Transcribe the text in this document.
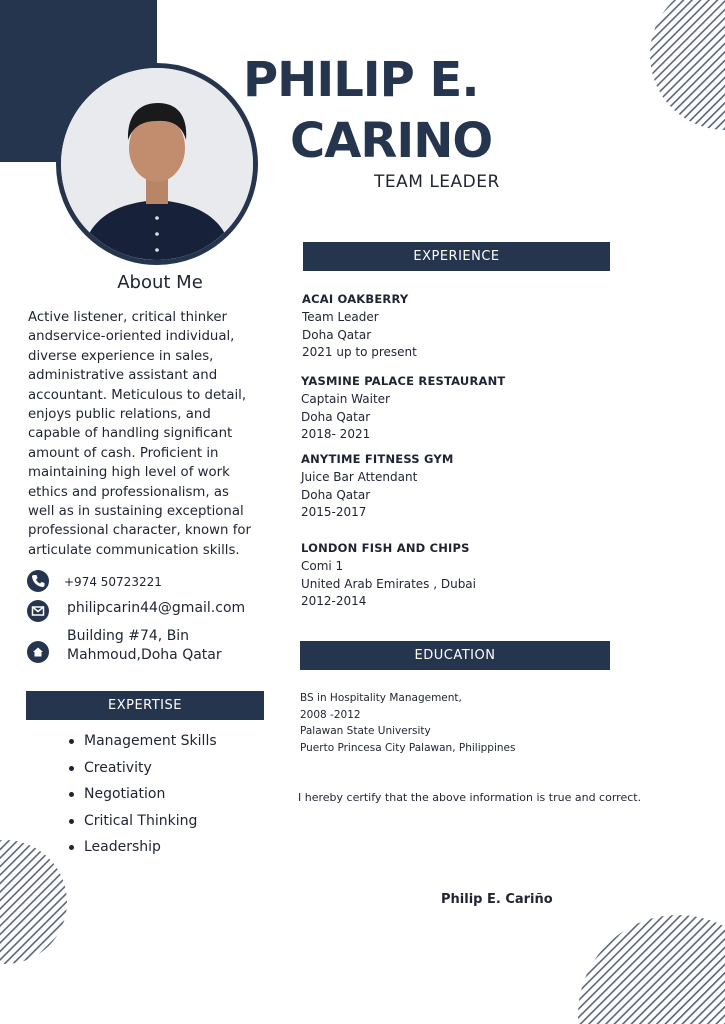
PHILIP E.
CARINO
TEAM LEADER
About Me
Active listener, critical thinker
andservice-oriented individual,
diverse experience in sales,
administrative assistant and
accountant. Meticulous to detail,
enjoys public relations, and
capable of handling significant
amount of cash. Proficient in
maintaining high level of work
ethics and professionalism, as
well as in sustaining exceptional
professional character, known for
articulate communication skills.
+974 50723221
philipcarin44@gmail.com
Building #74, Bin
Mahmoud,Doha Qatar
EXPERTISE
Management Skills
Creativity
Negotiation
Critical Thinking
Leadership
EXPERIENCE
ACAI OAKBERRY
Team Leader
Doha Qatar
2021 up to present
YASMINE PALACE RESTAURANT
Captain Waiter
Doha Qatar
2018- 2021
ANYTIME FITNESS GYM
Juice Bar Attendant
Doha Qatar
2015-2017
LONDON FISH AND CHIPS
Comi 1
United Arab Emirates , Dubai
2012-2014
EDUCATION
BS in Hospitality Management,
2008 -2012
Palawan State University
Puerto Princesa City Palawan, Philippines
I hereby certify that the above information is true and correct.
Philip E. Cariño
